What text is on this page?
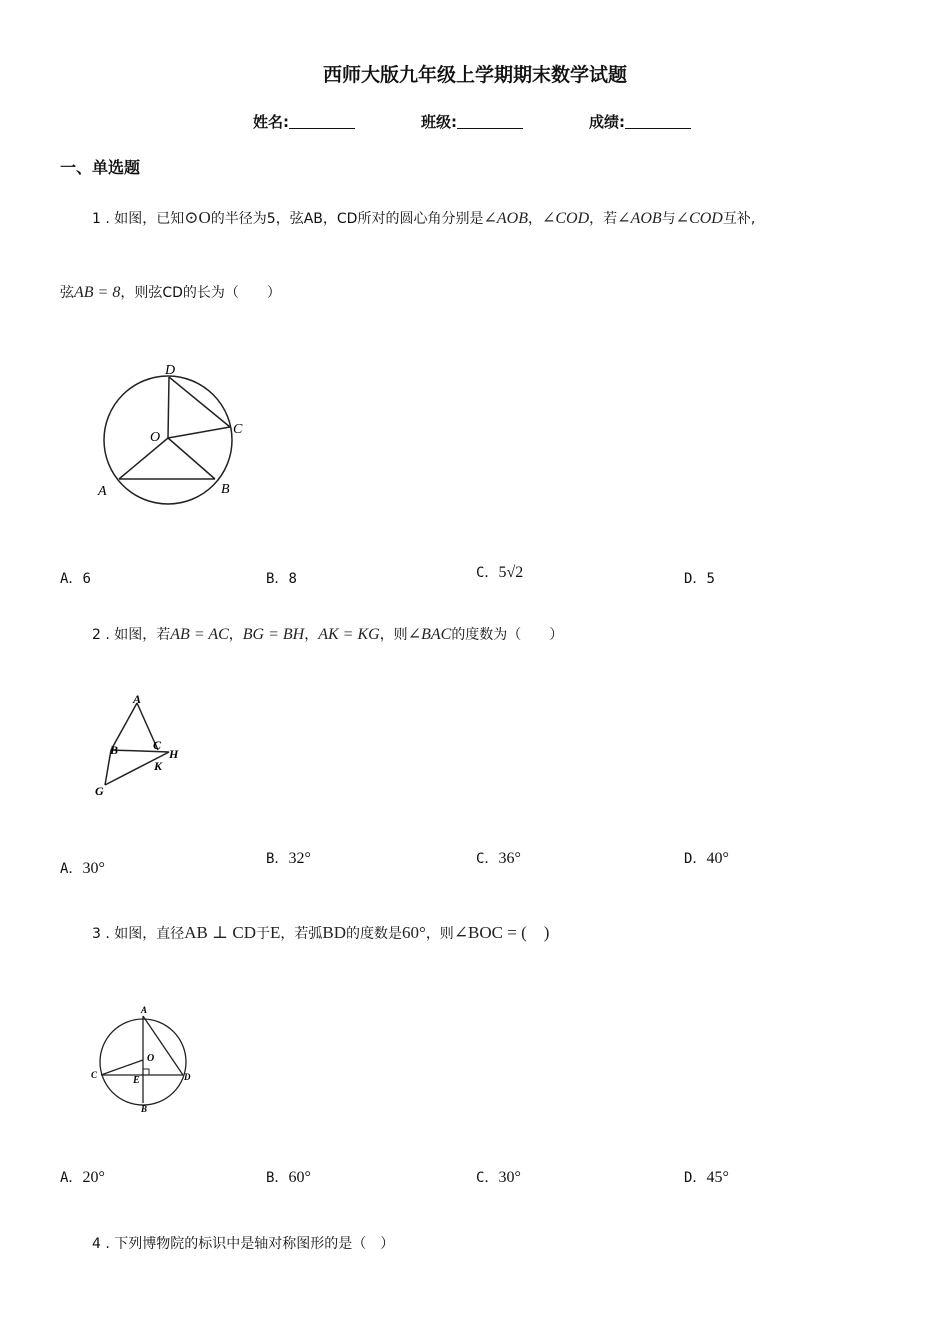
西师大版九年级上学期期末数学试题
姓名:	班级:	成绩:
一、单选题
1 . 如图，已知⊙O的半径为5，弦AB，CD所对的圆心角分别是∠AOB，∠COD，若∠AOB与∠COD互补,
弦AB = 8，则弦CD的长为（　　）
D
O
C
A	B
A．6	B．8	C．5√2	D．5
2 . 如图，若AB = AC，BG = BH，AK = KG，则∠BAC的度数为（　　）
A
B	C
H
K
G
A．30°
B．32°	C．36°	D．40°
3 . 如图，直径AB ⊥ CD于E，若弧BD的度数是60°，则∠BOC = (　)
A
O
C	E	D
B
A．20°	B．60°	C．30°	D．45°
4 . 下列博物院的标识中是轴对称图形的是（　）
